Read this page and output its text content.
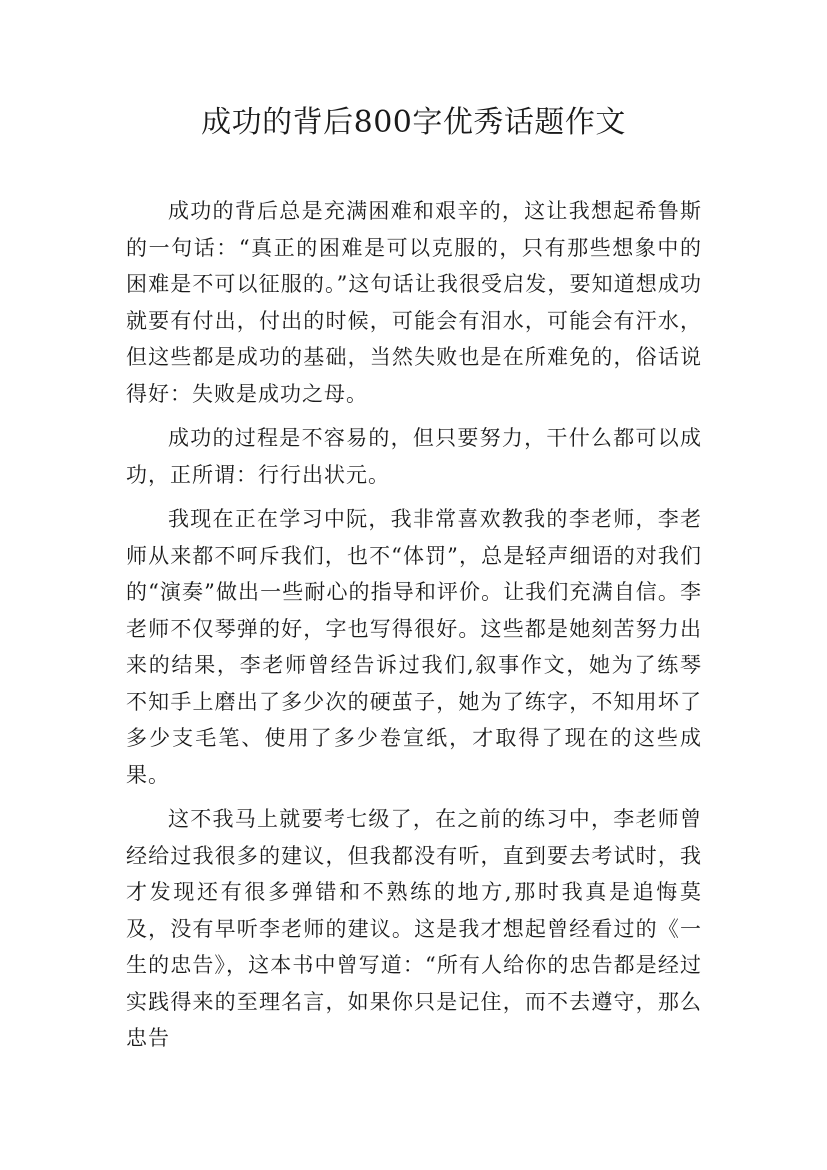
成功的背后800字优秀话题作文

成功的背后总是充满困难和艰辛的，这让我想起希鲁斯的一句话：“真正的困难是可以克服的，只有那些想象中的困难是不可以征服的。”这句话让我很受启发，要知道想成功就要有付出，付出的时候，可能会有泪水，可能会有汗水，但这些都是成功的基础，当然失败也是在所难免的，俗话说得好：失败是成功之母。

成功的过程是不容易的，但只要努力，干什么都可以成功，正所谓：行行出状元。

我现在正在学习中阮，我非常喜欢教我的李老师，李老师从来都不呵斥我们，也不“体罚”，总是轻声细语的对我们的“演奏”做出一些耐心的指导和评价。让我们充满自信。李老师不仅琴弹的好，字也写得很好。这些都是她刻苦努力出来的结果，李老师曾经告诉过我们,叙事作文，她为了练琴不知手上磨出了多少次的硬茧子，她为了练字，不知用坏了多少支毛笔、使用了多少卷宣纸，才取得了现在的这些成果。

这不我马上就要考七级了，在之前的练习中，李老师曾经给过我很多的建议，但我都没有听，直到要去考试时，我才发现还有很多弹错和不熟练的地方,那时我真是追悔莫及，没有早听李老师的建议。这是我才想起曾经看过的《一生的忠告》，这本书中曾写道：“所有人给你的忠告都是经过实践得来的至理名言，如果你只是记住，而不去遵守，那么忠告
